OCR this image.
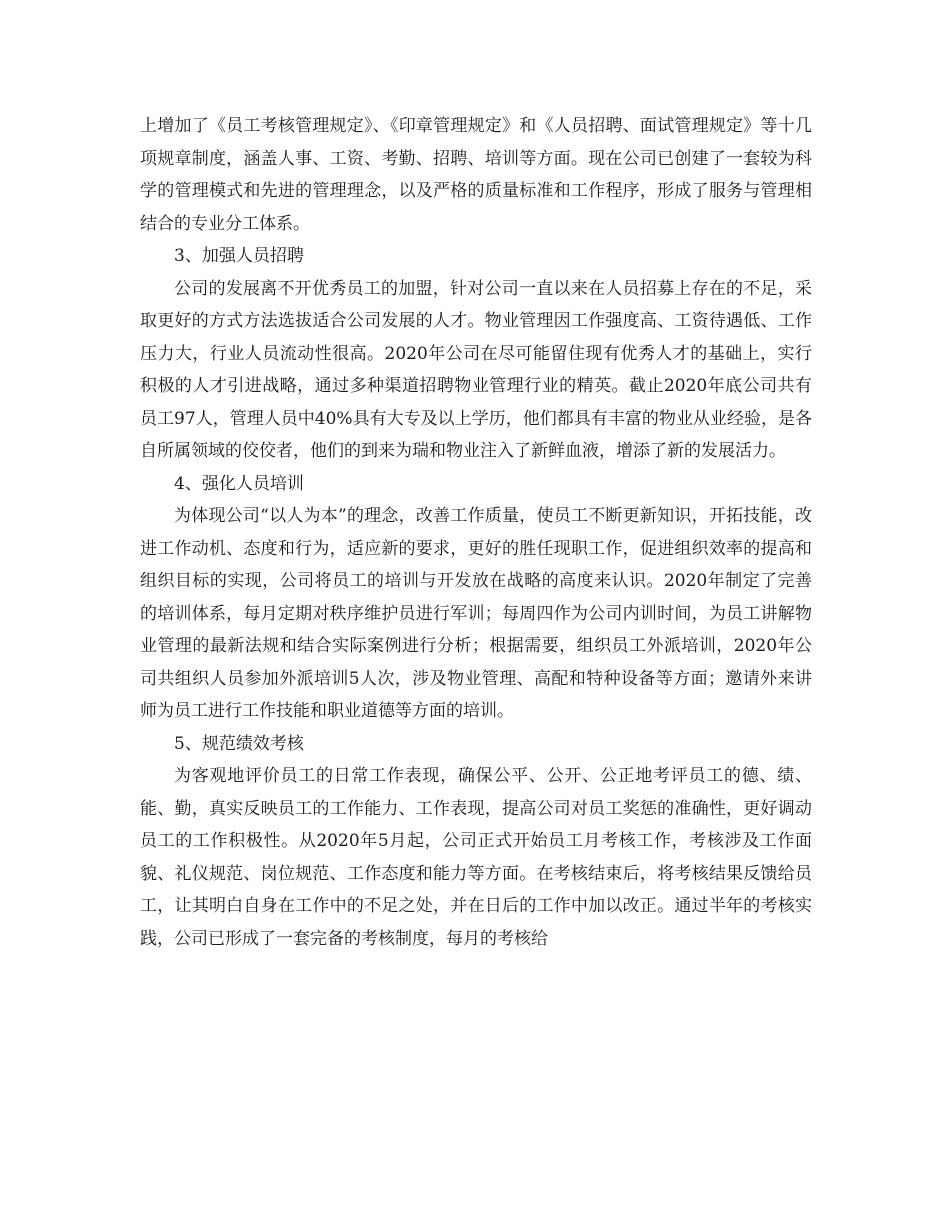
上增加了《员工考核管理规定》、《印章管理规定》和《人员招聘、面试管理规定》等十几项规章制度，涵盖人事、工资、考勤、招聘、培训等方面。现在公司已创建了一套较为科学的管理模式和先进的管理理念，以及严格的质量标准和工作程序，形成了服务与管理相结合的专业分工体系。

3、加强人员招聘

公司的发展离不开优秀员工的加盟，针对公司一直以来在人员招募上存在的不足，采取更好的方式方法选拔适合公司发展的人才。物业管理因工作强度高、工资待遇低、工作压力大，行业人员流动性很高。2020年公司在尽可能留住现有优秀人才的基础上，实行积极的人才引进战略，通过多种渠道招聘物业管理行业的精英。截止2020年底公司共有员工97人，管理人员中40%具有大专及以上学历，他们都具有丰富的物业从业经验，是各自所属领域的佼佼者，他们的到来为瑞和物业注入了新鲜血液，增添了新的发展活力。

4、强化人员培训

为体现公司“以人为本”的理念，改善工作质量，使员工不断更新知识，开拓技能，改进工作动机、态度和行为，适应新的要求，更好的胜任现职工作，促进组织效率的提高和组织目标的实现，公司将员工的培训与开发放在战略的高度来认识。2020年制定了完善的培训体系，每月定期对秩序维护员进行军训；每周四作为公司内训时间，为员工讲解物业管理的最新法规和结合实际案例进行分析；根据需要，组织员工外派培训，2020年公司共组织人员参加外派培训5人次，涉及物业管理、高配和特种设备等方面；邀请外来讲师为员工进行工作技能和职业道德等方面的培训。

5、规范绩效考核

为客观地评价员工的日常工作表现，确保公平、公开、公正地考评员工的德、绩、能、勤，真实反映员工的工作能力、工作表现，提高公司对员工奖惩的准确性，更好调动员工的工作积极性。从2020年5月起，公司正式开始员工月考核工作，考核涉及工作面貌、礼仪规范、岗位规范、工作态度和能力等方面。在考核结束后，将考核结果反馈给员工，让其明白自身在工作中的不足之处，并在日后的工作中加以改正。通过半年的考核实践，公司已形成了一套完备的考核制度，每月的考核给
